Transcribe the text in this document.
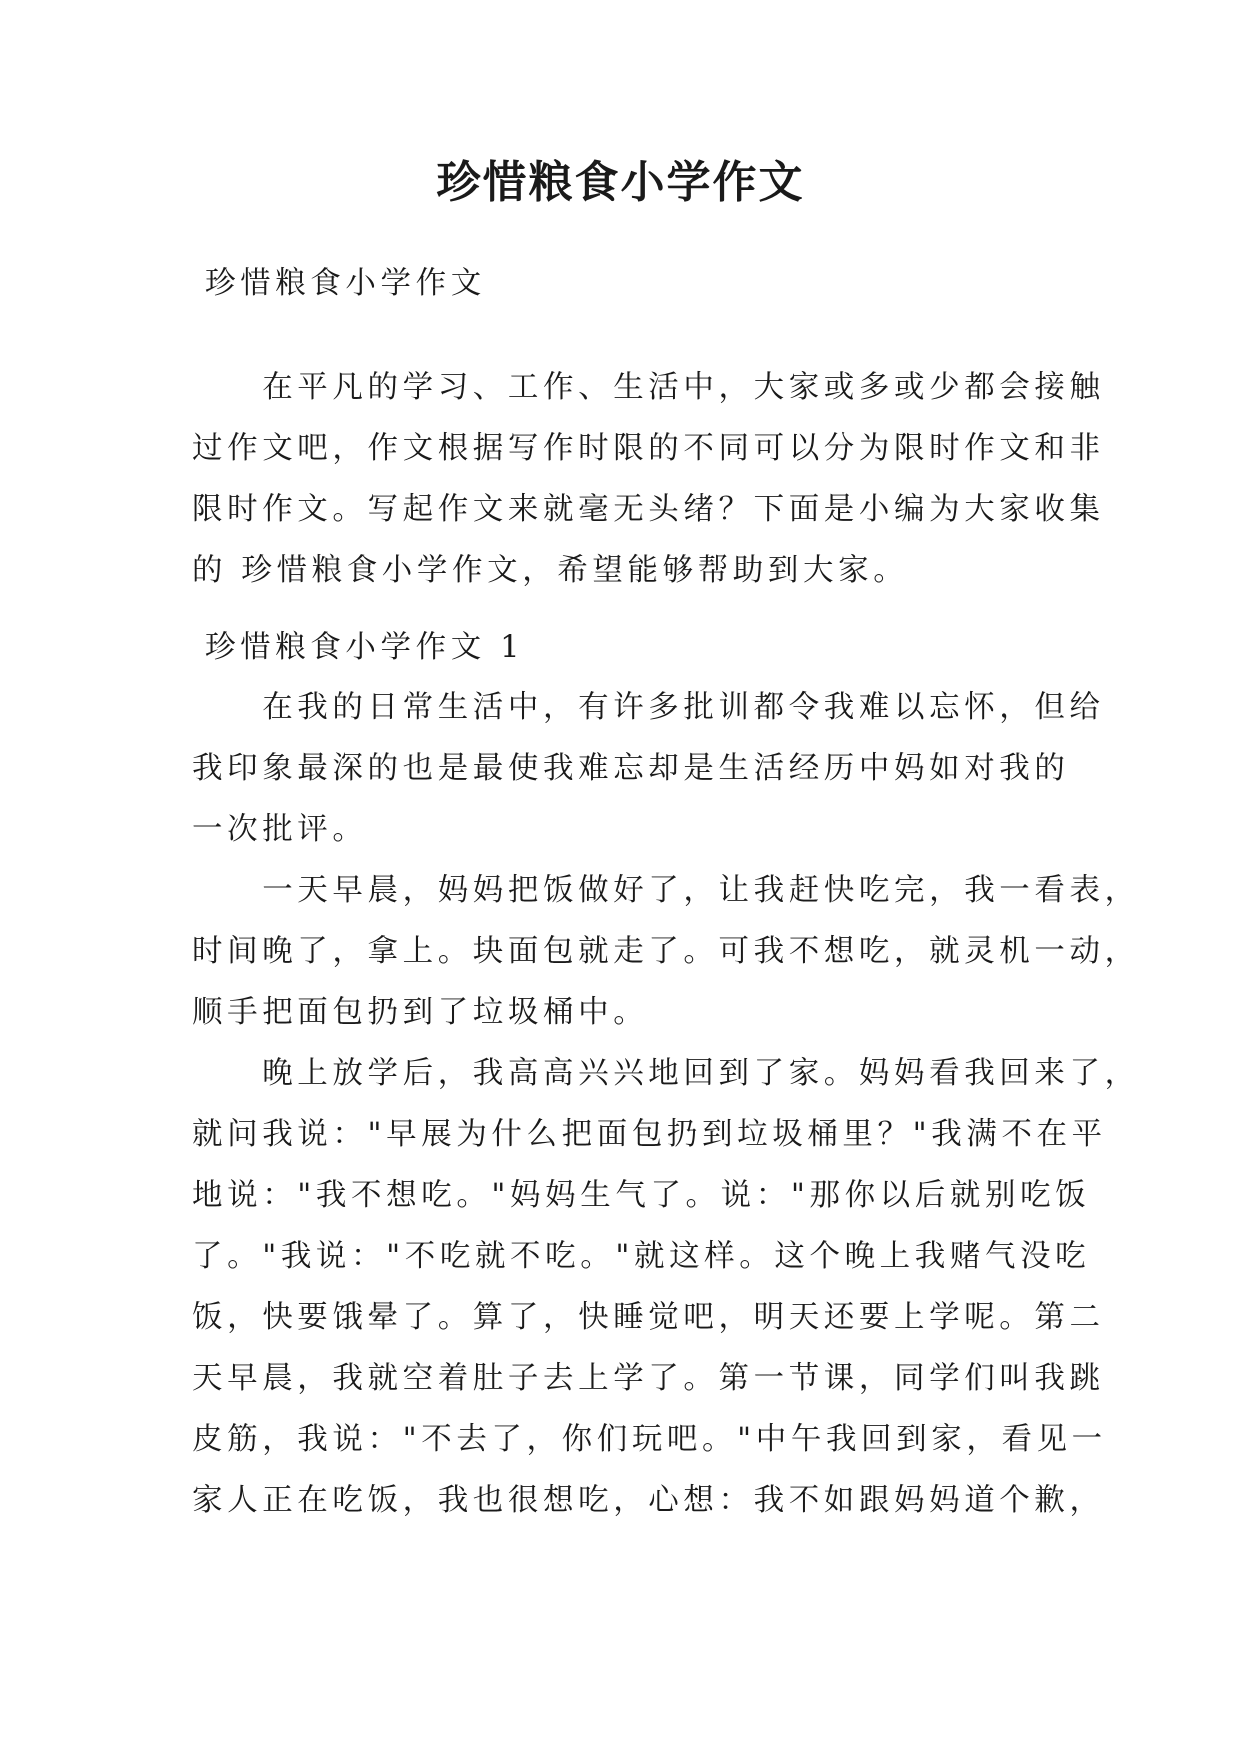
珍惜粮食小学作文

珍惜粮食小学作文

　　在平凡的学习、工作、生活中，大家或多或少都会接触
过作文吧，作文根据写作时限的不同可以分为限时作文和非
限时作文。写起作文来就毫无头绪？下面是小编为大家收集
的 珍惜粮食小学作文，希望能够帮助到大家。

珍惜粮食小学作文 1

　　在我的日常生活中，有许多批训都令我难以忘怀，但给
我印象最深的也是最使我难忘却是生活经历中妈如对我的
一次批评。
　　一天早晨，妈妈把饭做好了，让我赶快吃完，我一看表，
时间晚了，拿上。块面包就走了。可我不想吃，就灵机一动，
顺手把面包扔到了垃圾桶中。
　　晚上放学后，我高高兴兴地回到了家。妈妈看我回来了，
就问我说："早展为什么把面包扔到垃圾桶里？"我满不在平
地说："我不想吃。"妈妈生气了。说："那你以后就别吃饭
了。"我说："不吃就不吃。"就这样。这个晚上我赌气没吃
饭，快要饿晕了。算了，快睡觉吧，明天还要上学呢。第二
天早晨，我就空着肚子去上学了。第一节课，同学们叫我跳
皮筋，我说："不去了，你们玩吧。"中午我回到家，看见一
家人正在吃饭，我也很想吃，心想：我不如跟妈妈道个歉，
